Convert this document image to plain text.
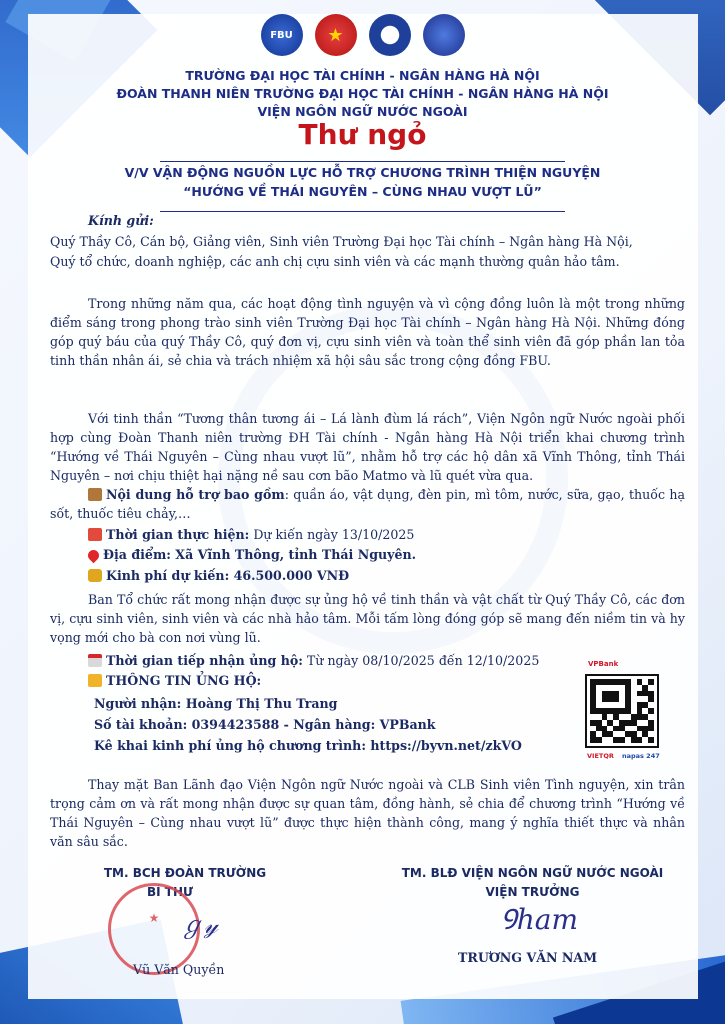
FBU	★
TRƯỜNG ĐẠI HỌC TÀI CHÍNH - NGÂN HÀNG HÀ NỘI
ĐOÀN THANH NIÊN TRƯỜNG ĐẠI HỌC TÀI CHÍNH - NGÂN HÀNG HÀ NỘI
VIỆN NGÔN NGỮ NƯỚC NGOÀI
Thư ngỏ
V/V VẬN ĐỘNG NGUỒN LỰC HỖ TRỢ CHƯƠNG TRÌNH THIỆN NGUYỆN
“HƯỚNG VỀ THÁI NGUYÊN – CÙNG NHAU VƯỢT LŨ”
Kính gửi:
Quý Thầy Cô, Cán bộ, Giảng viên, Sinh viên Trường Đại học Tài chính – Ngân hàng Hà Nội,
Quý tổ chức, doanh nghiệp, các anh chị cựu sinh viên và các mạnh thường quân hảo tâm.
Trong những năm qua, các hoạt động tình nguyện và vì cộng đồng luôn là một trong những điểm sáng trong phong trào sinh viên Trường Đại học Tài chính – Ngân hàng Hà Nội. Những đóng góp quý báu của quý Thầy Cô, quý đơn vị, cựu sinh viên và toàn thể sinh viên đã góp phần lan tỏa tinh thần nhân ái, sẻ chia và trách nhiệm xã hội sâu sắc trong cộng đồng FBU.
Với tinh thần “Tương thân tương ái – Lá lành đùm lá rách”, Viện Ngôn ngữ Nước ngoài phối hợp cùng Đoàn Thanh niên trường ĐH Tài chính - Ngân hàng Hà Nội triển khai chương trình “Hướng về Thái Nguyên – Cùng nhau vượt lũ”, nhằm hỗ trợ các hộ dân xã Vĩnh Thông, tỉnh Thái Nguyên – nơi chịu thiệt hại nặng nề sau cơn bão Matmo và lũ quét vừa qua.
Nội dung hỗ trợ bao gồm: quần áo, vật dụng, đèn pin, mì tôm, nước, sữa, gạo, thuốc hạ sốt, thuốc tiêu chảy,…
Thời gian thực hiện: Dự kiến ngày 13/10/2025
Địa điểm: Xã Vĩnh Thông, tỉnh Thái Nguyên.
Kinh phí dự kiến: 46.500.000 VNĐ
Ban Tổ chức rất mong nhận được sự ủng hộ về tinh thần và vật chất từ Quý Thầy Cô, các đơn vị, cựu sinh viên, sinh viên và các nhà hảo tâm. Mỗi tấm lòng đóng góp sẽ mang đến niềm tin và hy vọng mới cho bà con nơi vùng lũ.
Thời gian tiếp nhận ủng hộ: Từ ngày 08/10/2025 đến 12/10/2025
THÔNG TIN ỦNG HỘ:
Người nhận: Hoàng Thị Thu Trang
Số tài khoản: 0394423588 - Ngân hàng: VPBank
Kê khai kinh phí ủng hộ chương trình: https://byvn.net/zkVO
VPBank
VIETQR napas 247
Thay mặt Ban Lãnh đạo Viện Ngôn ngữ Nước ngoài và CLB Sinh viên Tình nguyện, xin trân trọng cảm ơn và rất mong nhận được sự quan tâm, đồng hành, sẻ chia để chương trình “Hướng về Thái Nguyên – Cùng nhau vượt lũ” được thực hiện thành công, mang ý nghĩa thiết thực và nhân văn sâu sắc.
TM. BCH ĐOÀN TRƯỜNG
BÍ THƯ
★ ℊ𝓎
Vũ Văn Quyền
TM. BLĐ VIỆN NGÔN NGỮ NƯỚC NGOÀI
VIỆN TRƯỞNG
Ꝯham
TRƯƠNG VĂN NAM
